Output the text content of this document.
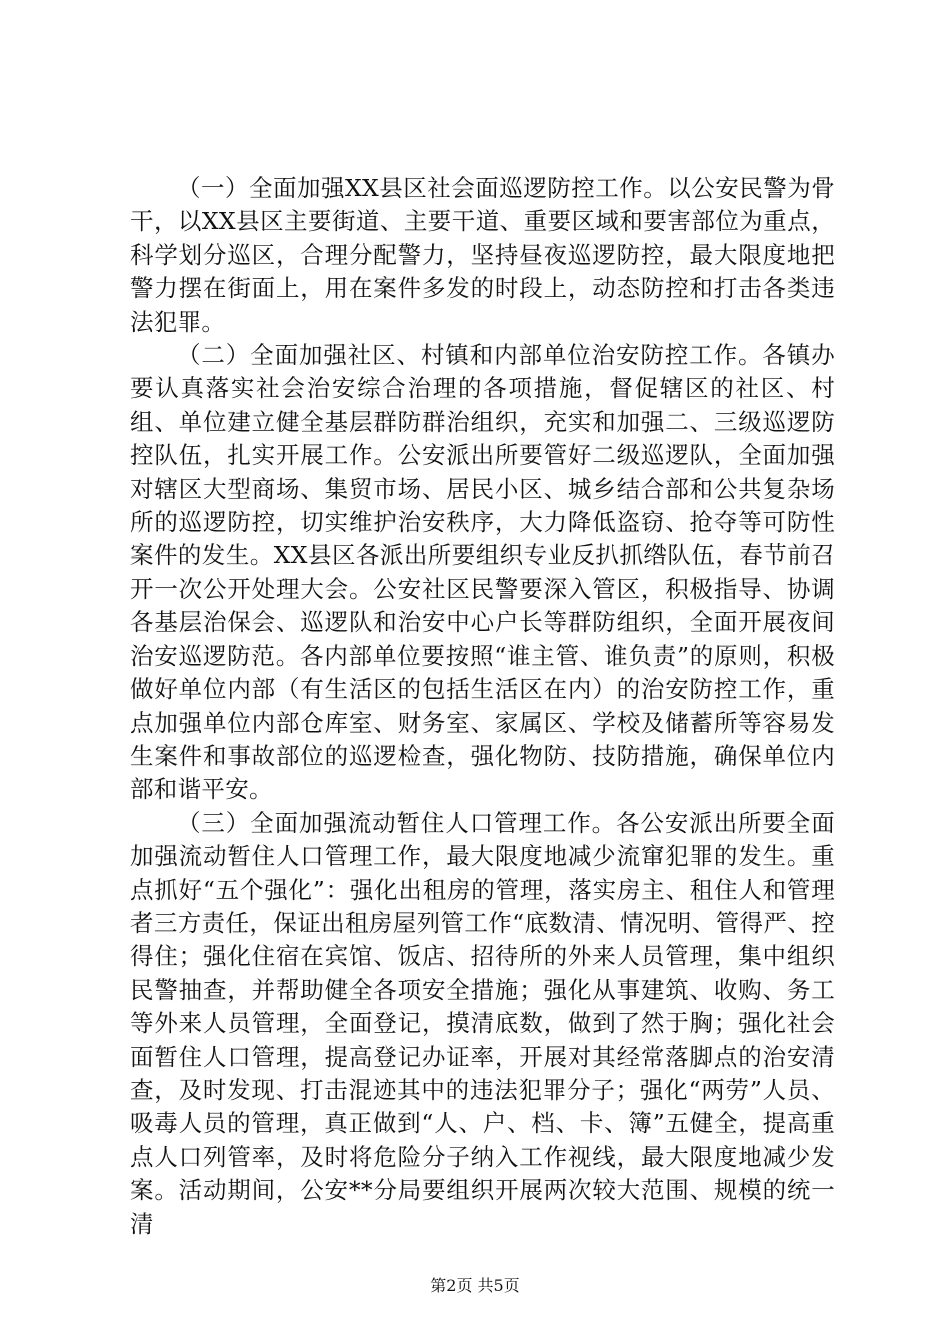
（一）全面加强XX县区社会面巡逻防控工作。以公安民警为骨干，以XX县区主要街道、主要干道、重要区域和要害部位为重点，科学划分巡区，合理分配警力，坚持昼夜巡逻防控，最大限度地把警力摆在街面上，用在案件多发的时段上，动态防控和打击各类违法犯罪。

（二）全面加强社区、村镇和内部单位治安防控工作。各镇办要认真落实社会治安综合治理的各项措施，督促辖区的社区、村组、单位建立健全基层群防群治组织，充实和加强二、三级巡逻防控队伍，扎实开展工作。公安派出所要管好二级巡逻队，全面加强对辖区大型商场、集贸市场、居民小区、城乡结合部和公共复杂场所的巡逻防控，切实维护治安秩序，大力降低盗窃、抢夺等可防性案件的发生。XX县区各派出所要组织专业反扒抓绺队伍，春节前召开一次公开处理大会。公安社区民警要深入管区，积极指导、协调各基层治保会、巡逻队和治安中心户长等群防组织，全面开展夜间治安巡逻防范。各内部单位要按照“谁主管、谁负责”的原则，积极做好单位内部（有生活区的包括生活区在内）的治安防控工作，重点加强单位内部仓库室、财务室、家属区、学校及储蓄所等容易发生案件和事故部位的巡逻检查，强化物防、技防措施，确保单位内部和谐平安。

（三）全面加强流动暂住人口管理工作。各公安派出所要全面加强流动暂住人口管理工作，最大限度地减少流窜犯罪的发生。重点抓好“五个强化”：强化出租房的管理，落实房主、租住人和管理者三方责任，保证出租房屋列管工作“底数清、情况明、管得严、控得住；强化住宿在宾馆、饭店、招待所的外来人员管理，集中组织民警抽查，并帮助健全各项安全措施；强化从事建筑、收购、务工等外来人员管理，全面登记，摸清底数，做到了然于胸；强化社会面暂住人口管理，提高登记办证率，开展对其经常落脚点的治安清查，及时发现、打击混迹其中的违法犯罪分子；强化“两劳”人员、吸毒人员的管理，真正做到“人、户、档、卡、簿”五健全，提高重点人口列管率，及时将危险分子纳入工作视线，最大限度地减少发案。活动期间，公安**分局要组织开展两次较大范围、规模的统一清

第2页 共5页
